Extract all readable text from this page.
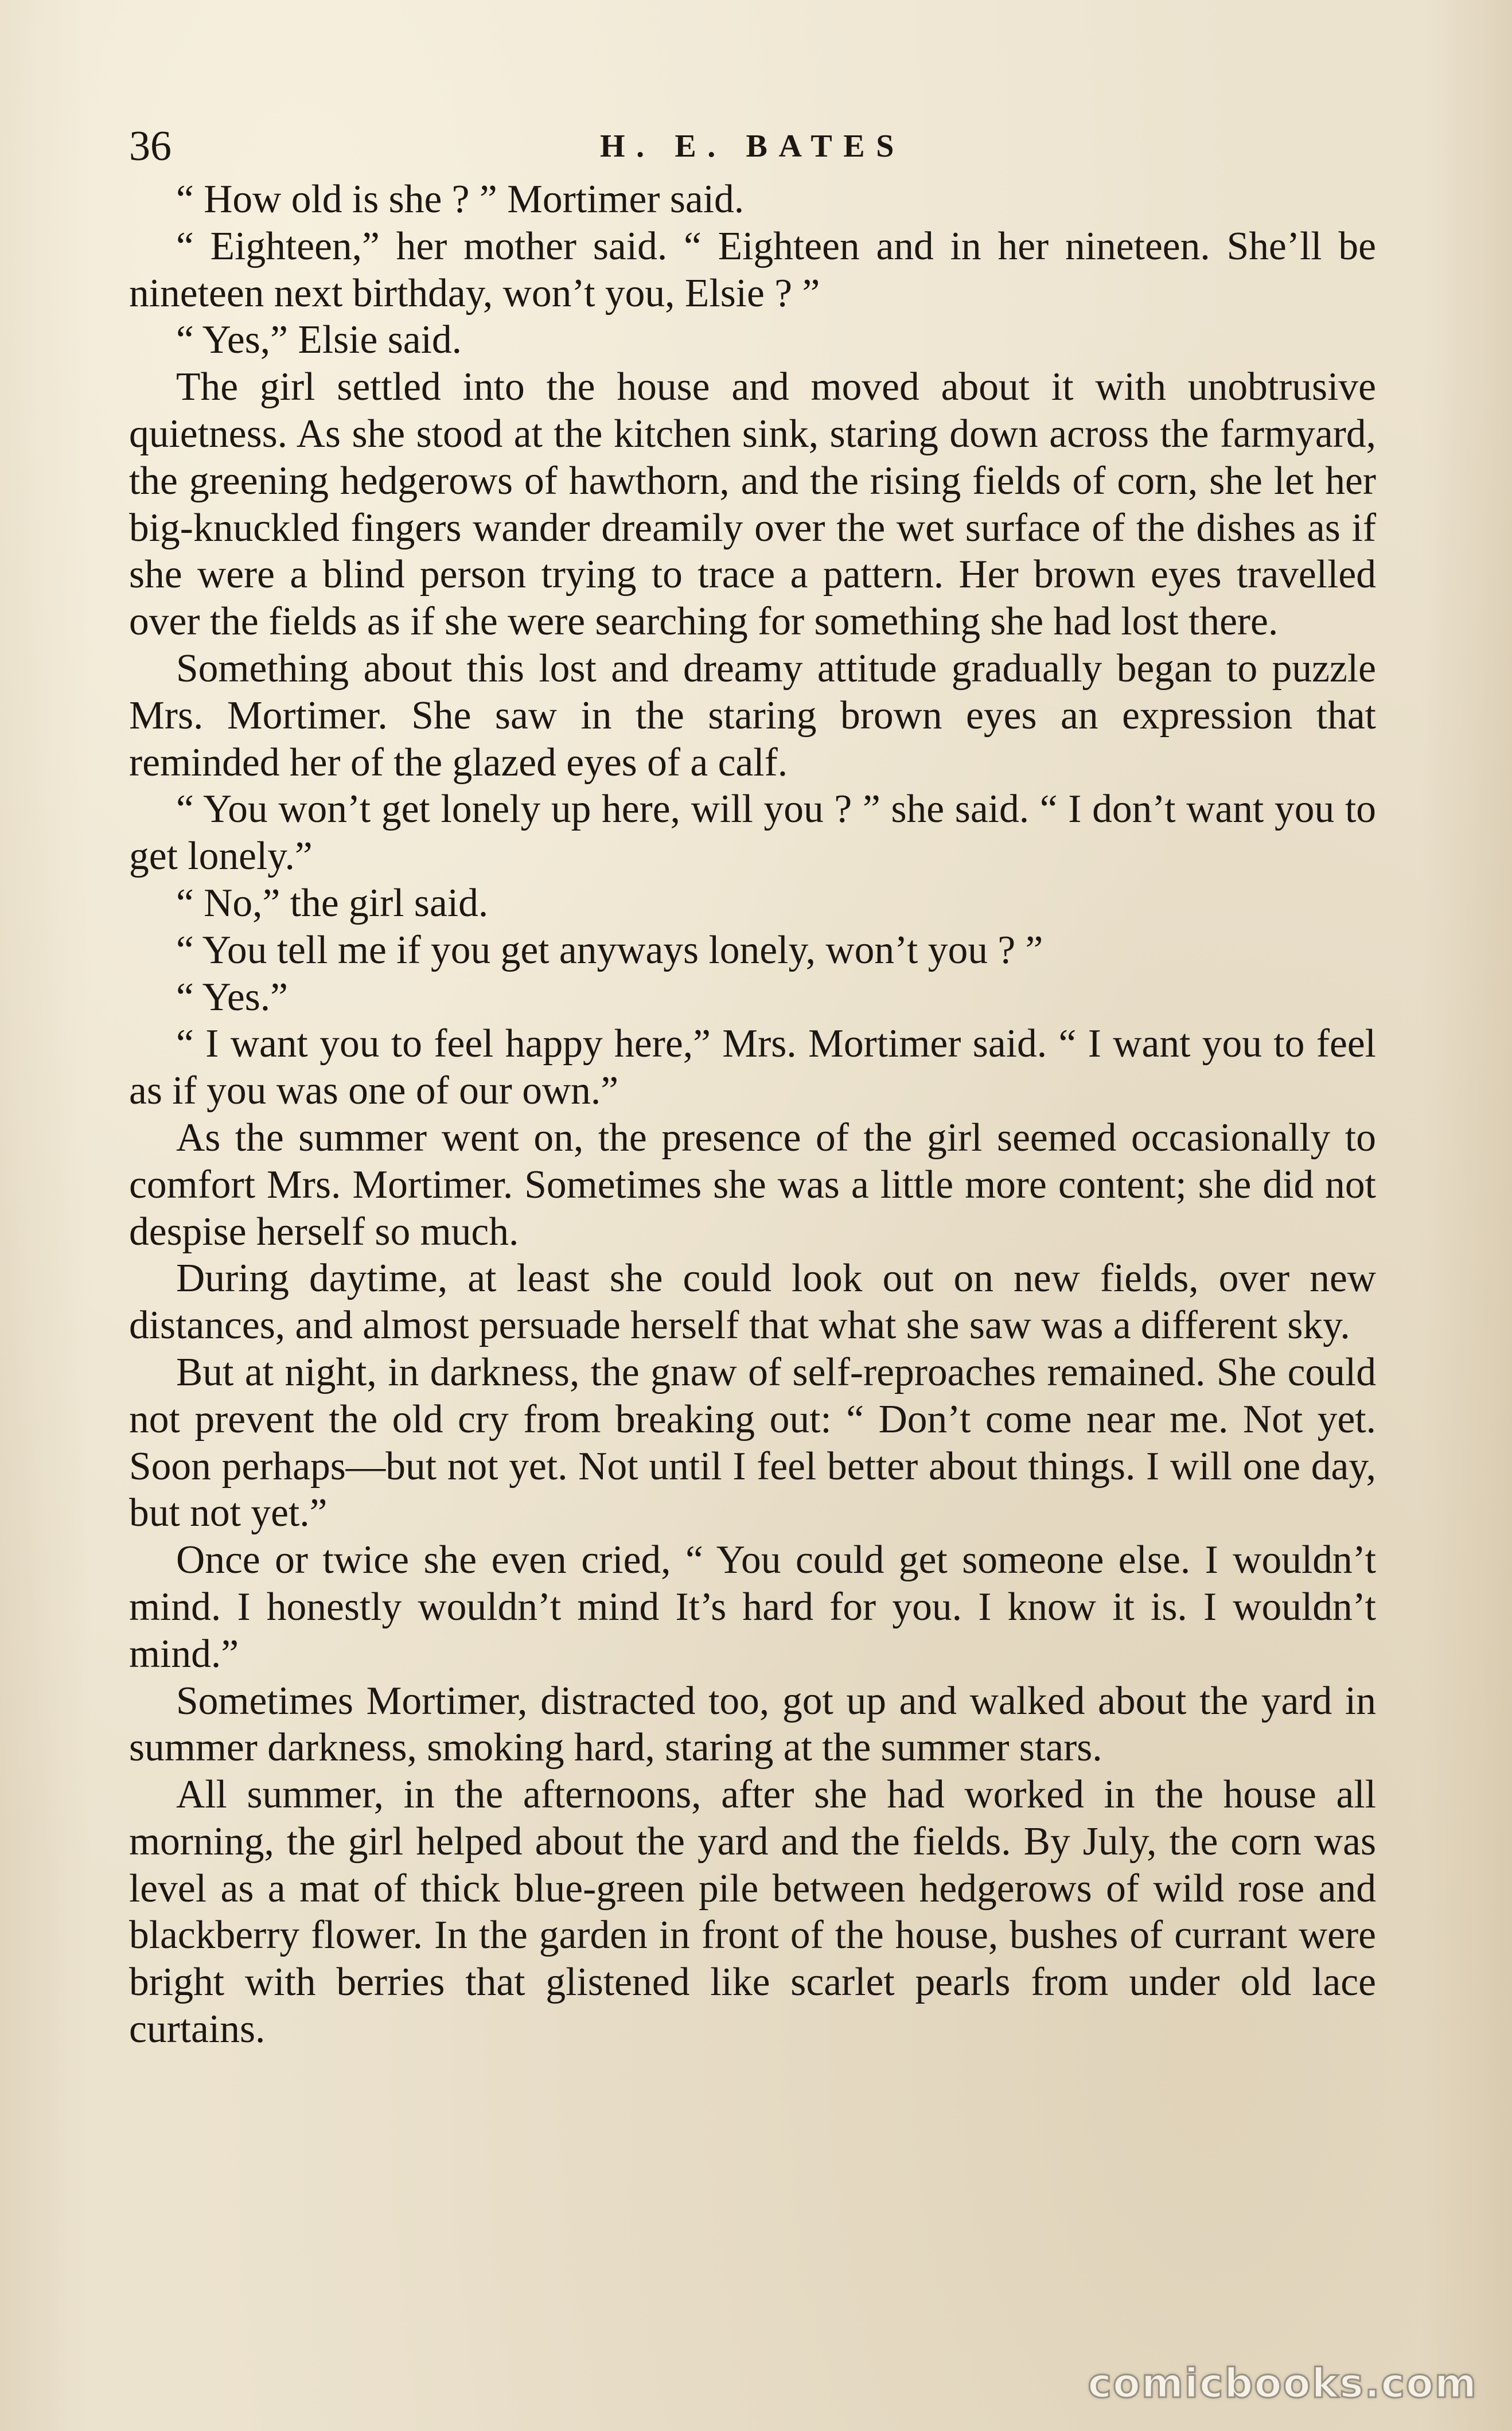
36	H. E. BATES

“ How old is she ? ” Mortimer said.

“ Eighteen,” her mother said. “ Eighteen and in her nineteen. She’ll be nineteen next birthday, won’t you, Elsie ? ”

“ Yes,” Elsie said.

The girl settled into the house and moved about it with unobtrusive quietness. As she stood at the kitchen sink, staring down across the farmyard, the greening hedgerows of hawthorn, and the rising fields of corn, she let her big-knuckled fingers wander dreamily over the wet surface of the dishes as if she were a blind person trying to trace a pattern. Her brown eyes travelled over the fields as if she were searching for something she had lost there.

Something about this lost and dreamy attitude gradually began to puzzle Mrs. Mortimer. She saw in the staring brown eyes an expression that reminded her of the glazed eyes of a calf.

“ You won’t get lonely up here, will you ? ” she said. “ I don’t want you to get lonely.”

“ No,” the girl said.

“ You tell me if you get anyways lonely, won’t you ? ”

“ Yes.”

“ I want you to feel happy here,” Mrs. Mortimer said. “ I want you to feel as if you was one of our own.”

As the summer went on, the presence of the girl seemed occasionally to comfort Mrs. Mortimer. Sometimes she was a little more content; she did not despise herself so much.

During daytime, at least she could look out on new fields, over new distances, and almost persuade herself that what she saw was a different sky.

But at night, in darkness, the gnaw of self-reproaches remained. She could not prevent the old cry from breaking out: “ Don’t come near me. Not yet. Soon perhaps—but not yet. Not until I feel better about things. I will one day, but not yet.”

Once or twice she even cried, “ You could get someone else. I wouldn’t mind. I honestly wouldn’t mind It’s hard for you. I know it is. I wouldn’t mind.”

Sometimes Mortimer, distracted too, got up and walked about the yard in summer darkness, smoking hard, staring at the summer stars.

All summer, in the afternoons, after she had worked in the house all morning, the girl helped about the yard and the fields. By July, the corn was level as a mat of thick blue-green pile between hedgerows of wild rose and blackberry flower. In the garden in front of the house, bushes of currant were bright with berries that glistened like scarlet pearls from under old lace curtains.

comicbooks.com
